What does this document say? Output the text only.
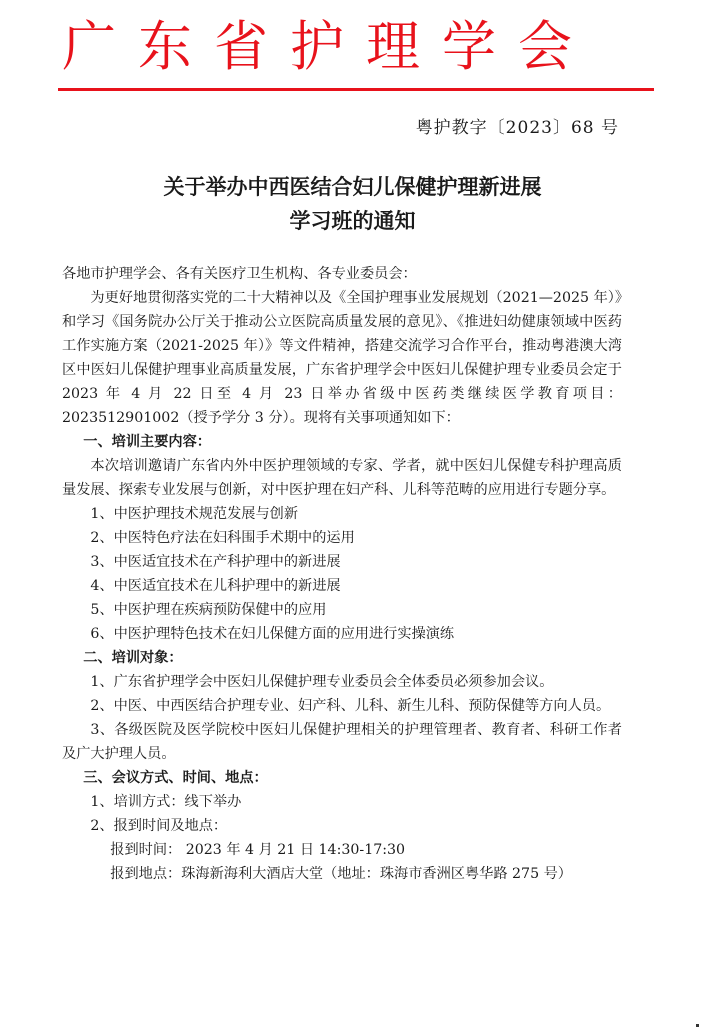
广东省护理学会
粤护教字〔2023〕68 号
关于举办中西医结合妇儿保健护理新进展
学习班的通知

各地市护理学会、各有关医疗卫生机构、各专业委员会：

为更好地贯彻落实党的二十大精神以及《全国护理事业发展规划（2021—2025 年）》和学习《国务院办公厅关于推动公立医院高质量发展的意见》、《推进妇幼健康领域中医药工作实施方案（2021-2025 年）》等文件精神，搭建交流学习合作平台，推动粤港澳大湾区中医妇儿保健护理事业高质量发展，广东省护理学会中医妇儿保健护理专业委员会定于 2023 年 4 月 22 日至 4 月 23 日举办省级中医药类继续医学教育项目：2023512901002（授予学分 3 分）。现将有关事项通知如下：

一、培训主要内容：

本次培训邀请广东省内外中医护理领域的专家、学者，就中医妇儿保健专科护理高质量发展、探索专业发展与创新，对中医护理在妇产科、儿科等范畴的应用进行专题分享。

1、中医护理技术规范发展与创新

2、中医特色疗法在妇科围手术期中的运用

3、中医适宜技术在产科护理中的新进展

4、中医适宜技术在儿科护理中的新进展

5、中医护理在疾病预防保健中的应用

6、中医护理特色技术在妇儿保健方面的应用进行实操演练

二、培训对象：

1、广东省护理学会中医妇儿保健护理专业委员会全体委员必须参加会议。

2、中医、中西医结合护理专业、妇产科、儿科、新生儿科、预防保健等方向人员。

3、各级医院及医学院校中医妇儿保健护理相关的护理管理者、教育者、科研工作者及广大护理人员。

三、会议方式、时间、地点：

1、培训方式：线下举办

2、报到时间及地点：

报到时间： 2023 年 4 月 21 日 14:30-17:30

报到地点：珠海新海利大酒店大堂（地址：珠海市香洲区粤华路 275 号）
